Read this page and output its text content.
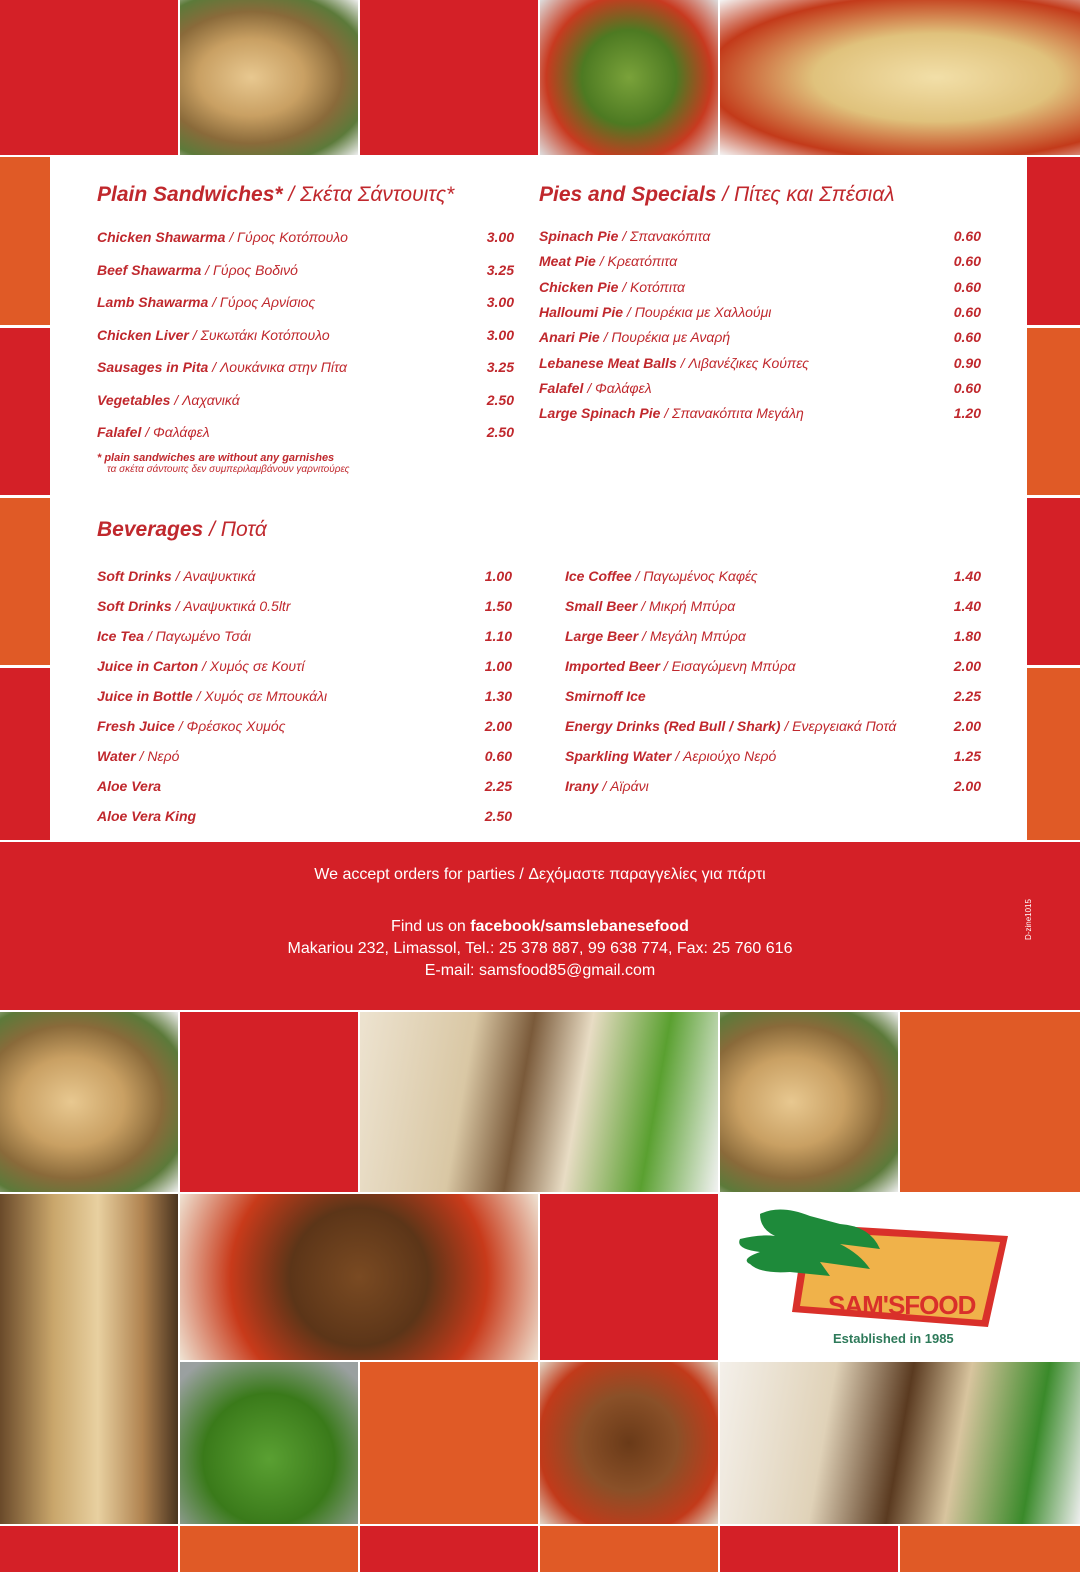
Plain Sandwiches* / Σκέτα Σάντουιτς*	Pies and Specials / Πίτες και Σπέσιαλ
Beverages / Ποτά
Chicken Shawarma / Γύρος Κοτόπουλο	3.00
Beef Shawarma / Γύρος Βοδινό	3.25
Lamb Shawarma / Γύρος Αρνίσιος	3.00
Chicken Liver / Συκωτάκι Κοτόπουλο	3.00
Sausages in Pita / Λουκάνικα στην Πίτα	3.25
Vegetables / Λαχανικά	2.50
Falafel / Φαλάφελ	2.50
Spinach Pie / Σπανακόπιτα	0.60
Meat Pie / Κρεατόπιτα	0.60
Chicken Pie / Κοτόπιτα	0.60
Halloumi Pie / Πουρέκια με Χαλλούμι	0.60
Anari Pie / Πουρέκια με Αναρή	0.60
Lebanese Meat Balls / Λιβανέζικες Κούπες	0.90
Falafel / Φαλάφελ	0.60
Large Spinach Pie / Σπανακόπιτα Μεγάλη	1.20
Soft Drinks / Αναψυκτικά	1.00
Soft Drinks / Αναψυκτικά 0.5ltr	1.50
Ice Tea / Παγωμένο Τσάι	1.10
Juice in Carton / Χυμός σε Κουτί	1.00
Juice in Bottle / Χυμός σε Μπουκάλι	1.30
Fresh Juice / Φρέσκος Χυμός	2.00
Water / Νερό	0.60
Aloe Vera	2.25
Aloe Vera King	2.50
Ice Coffee / Παγωμένος Καφές	1.40
Small Beer / Μικρή Μπύρα	1.40
Large Beer / Μεγάλη Μπύρα	1.80
Imported Beer / Εισαγώμενη Μπύρα	2.00
Smirnoff Ice	2.25
Energy Drinks (Red Bull / Shark) / Ενεργειακά Ποτά	2.00
Sparkling Water / Αεριούχο Νερό	1.25
Irany / Αϊράνι	2.00
* plain sandwiches are without any garnishes
τα σκέτα σάντουιτς δεν συμπεριλαμβάνουν γαρνιτούρες
We accept orders for parties / Δεχόμαστε παραγγελίες για πάρτι
Find us on facebook/samslebanesefood
Makariou 232, Limassol, Tel.: 25 378 887, 99 638 774, Fax: 25 760 616
E-mail: samsfood85@gmail.com
D-zine1015
SAM'SFOOD
Established in 1985
